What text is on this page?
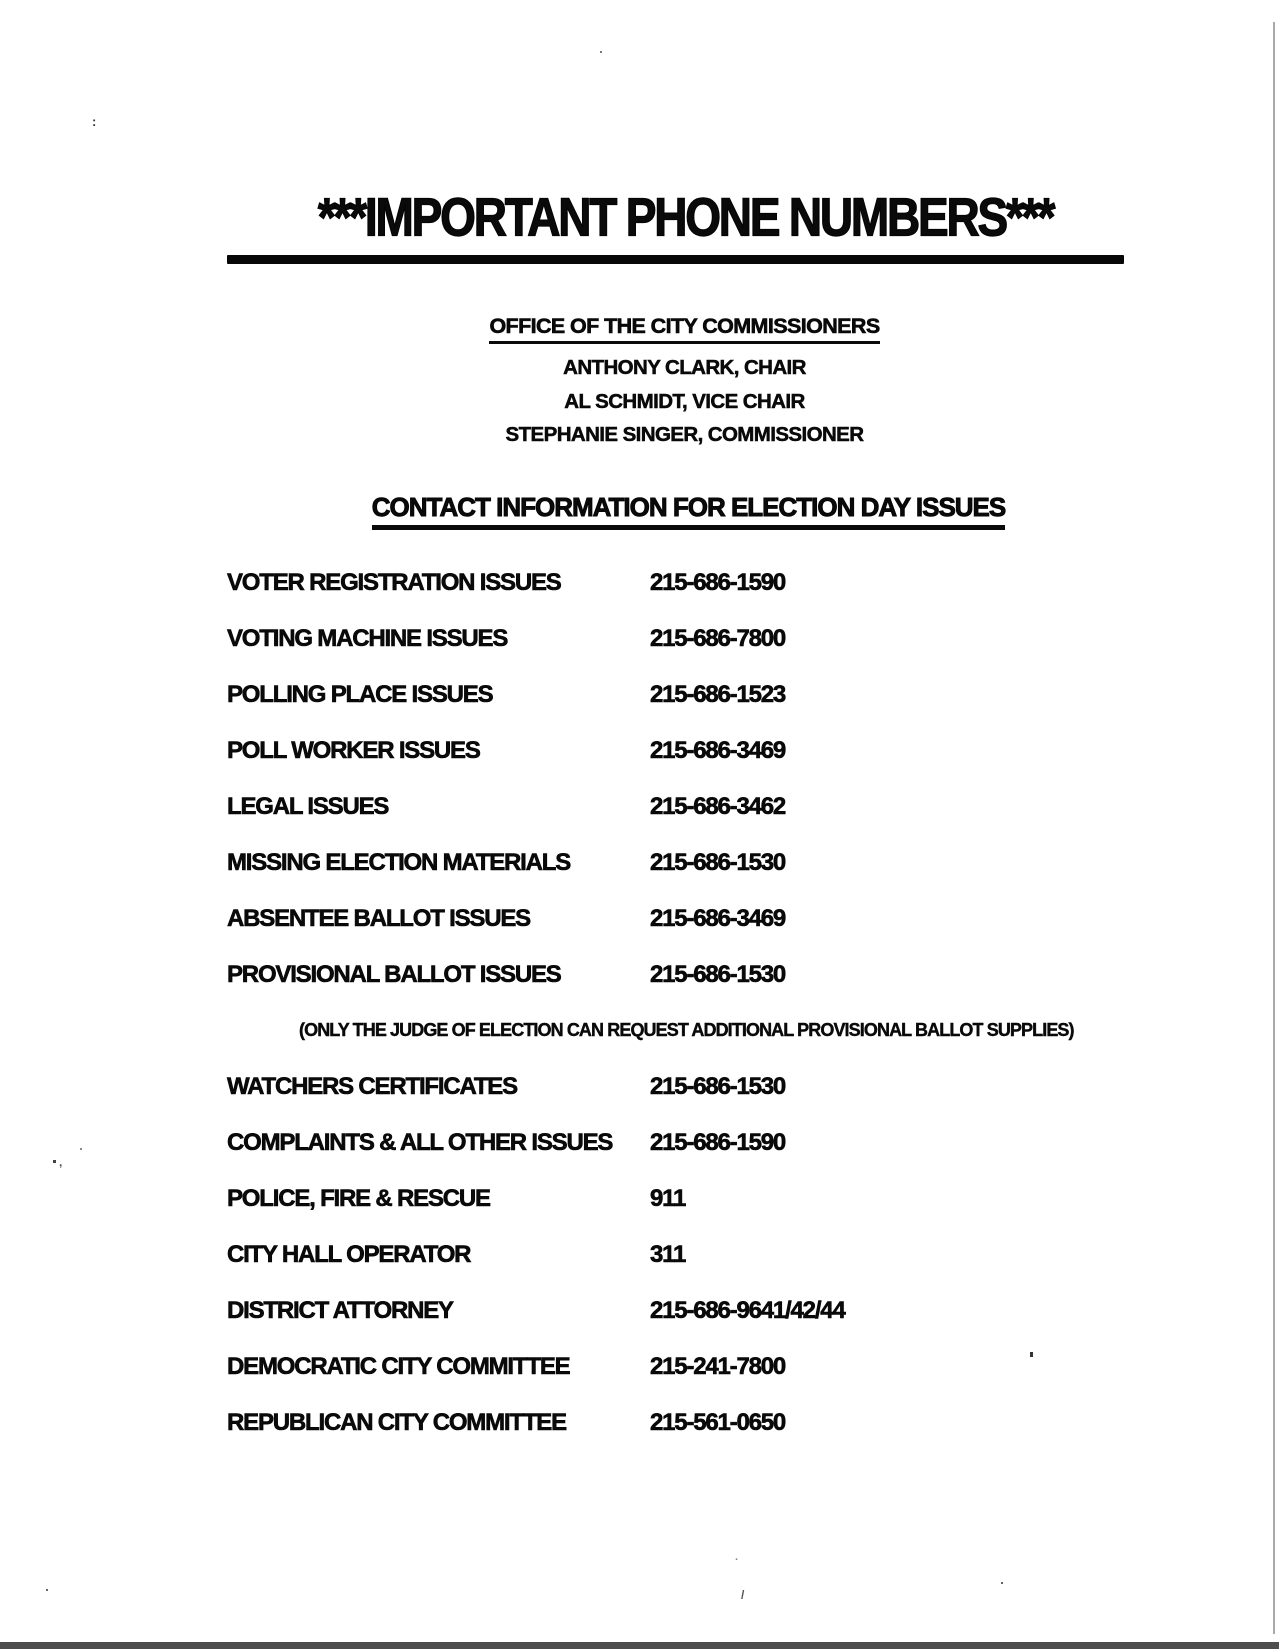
***IMPORTANT PHONE NUMBERS***
OFFICE OF THE CITY COMMISSIONERS
ANTHONY CLARK, CHAIR
AL SCHMIDT, VICE CHAIR
STEPHANIE SINGER, COMMISSIONER
CONTACT INFORMATION FOR ELECTION DAY ISSUES
VOTER REGISTRATION ISSUES	215-686-1590
VOTING MACHINE ISSUES	215-686-7800
POLLING PLACE ISSUES	215-686-1523
POLL WORKER ISSUES	215-686-3469
LEGAL ISSUES	215-686-3462
MISSING ELECTION MATERIALS	215-686-1530
ABSENTEE BALLOT ISSUES	215-686-3469
PROVISIONAL BALLOT ISSUES	215-686-1530
(ONLY THE JUDGE OF ELECTION CAN REQUEST ADDITIONAL PROVISIONAL BALLOT SUPPLIES)
WATCHERS CERTIFICATES	215-686-1530
COMPLAINTS & ALL OTHER ISSUES 215-686-1590
POLICE, FIRE & RESCUE	911
CITY HALL OPERATOR	311
DISTRICT ATTORNEY	215-686-9641/42/44
DEMOCRATIC CITY COMMITTEE	215-241-7800
REPUBLICAN CITY COMMITTEE	215-561-0650
:
,
/
·
